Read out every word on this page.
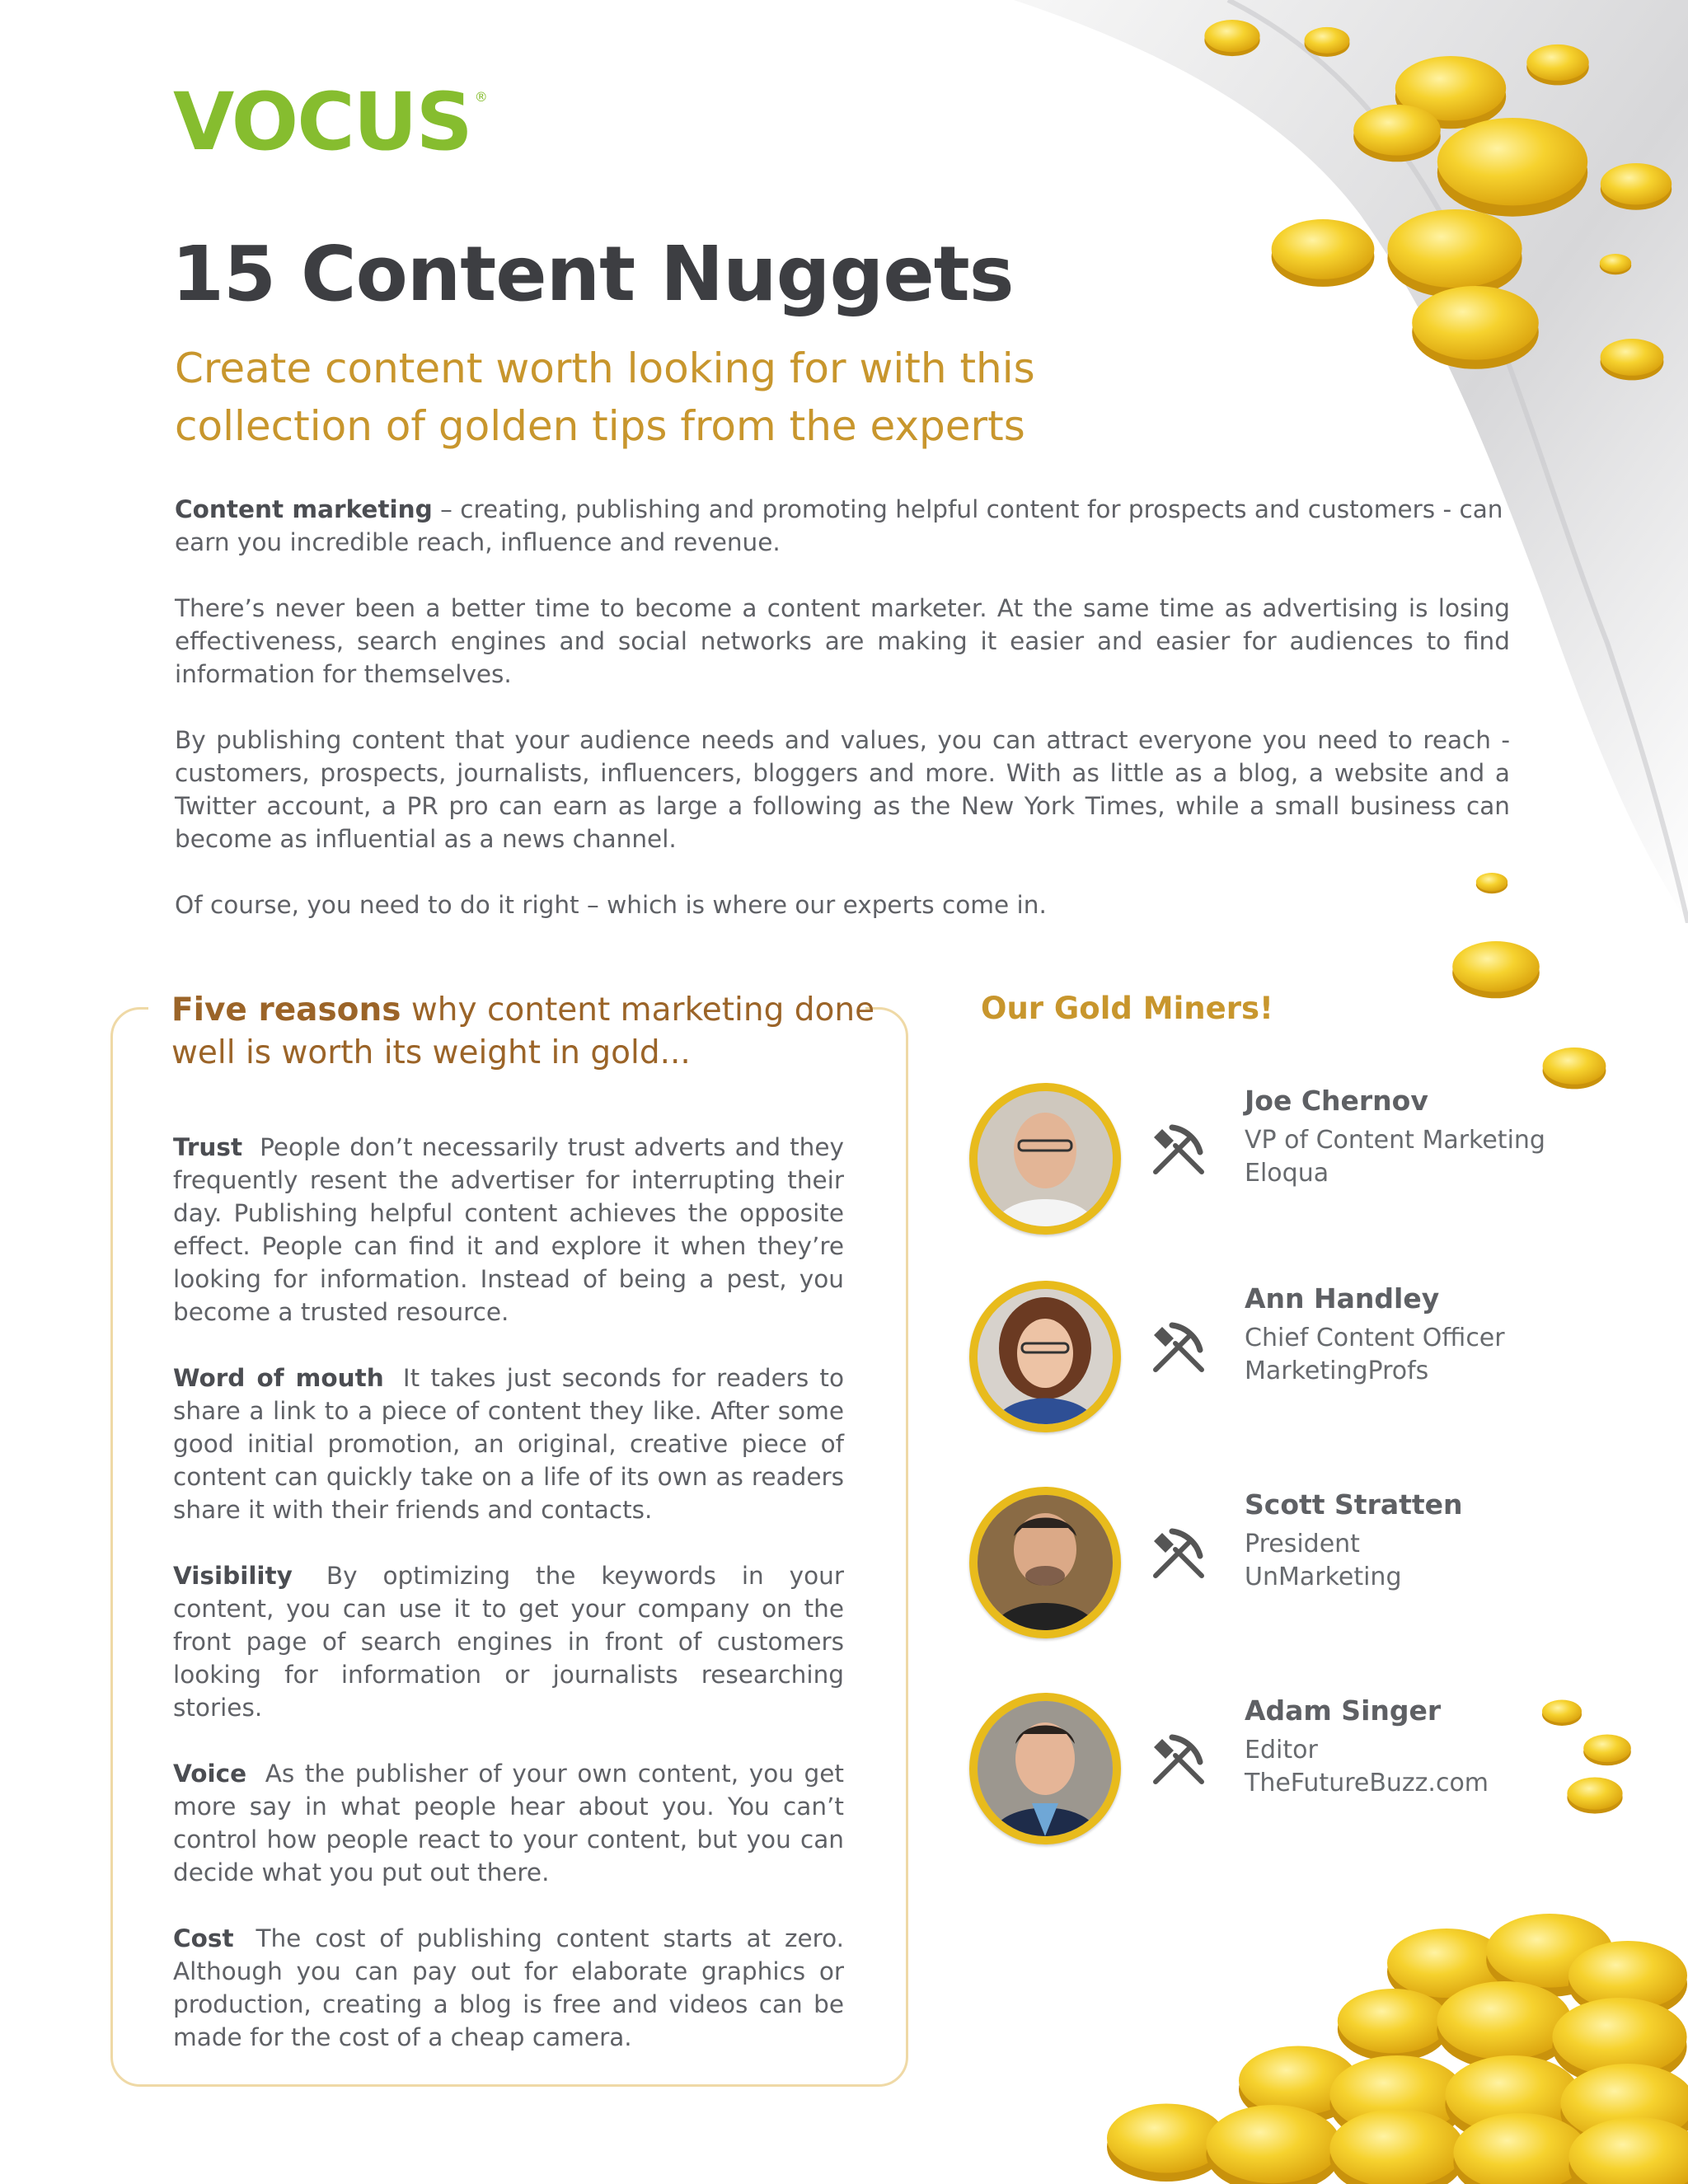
VOCUS ®
15 Content Nuggets
Create content worth looking for with this collection of golden tips from the experts

Content marketing – creating, publishing and promoting helpful content for prospects and customers - can earn you incredible reach, influence and revenue.

There’s never been a better time to become a content marketer. At the same time as advertising is losing effectiveness, search engines and social networks are making it easier and easier for audiences to find information for themselves.

By publishing content that your audience needs and values, you can attract everyone you need to reach - customers, prospects, journalists, influencers, bloggers and more. With as little as a blog, a website and a Twitter account, a PR pro can earn as large a following as the New York Times, while a small business can become as influential as a news channel.

Of course, you need to do it right – which is where our experts come in.

Five reasons why content marketing done well is worth its weight in gold...

Trust People don’t necessarily trust adverts and they frequently resent the advertiser for interrupting their day. Publishing helpful content achieves the opposite effect. People can find it and explore it when they’re looking for information. Instead of being a pest, you become a trusted resource.

Word of mouth It takes just seconds for readers to share a link to a piece of content they like. After some good initial promotion, an original, creative piece of content can quickly take on a life of its own as readers share it with their friends and contacts.

Visibility By optimizing the keywords in your content, you can use it to get your company on the front page of search engines in front of customers looking for information or journalists researching stories.

Voice As the publisher of your own content, you get more say in what people hear about you. You can’t control how people react to your content, but you can decide what you put out there.

Cost The cost of publishing content starts at zero. Although you can pay out for elaborate graphics or production, creating a blog is free and videos can be made for the cost of a cheap camera.

Our Gold Miners!
Joe Chernov
VP of Content Marketing
Eloqua
Ann Handley
Chief Content Officer
MarketingProfs
Scott Stratten
President
UnMarketing
Adam Singer
Editor
TheFutureBuzz.com
